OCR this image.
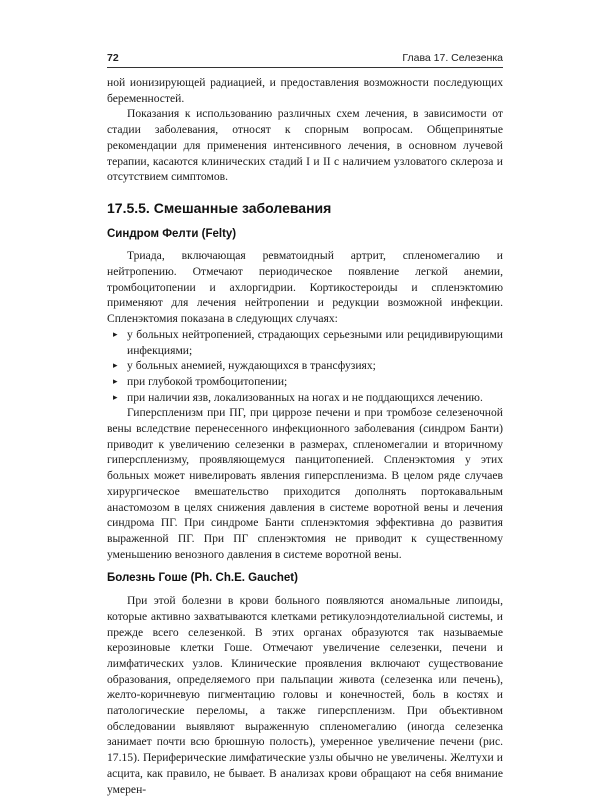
72	Глава 17. Селезенка

ной ионизирующей радиацией, и предоставления возможности последующих беременностей.

Показания к использованию различных схем лечения, в зависимости от стадии заболевания, относят к спорным вопросам. Общепринятые рекомендации для применения интенсивного лечения, в основном лучевой терапии, касаются клинических стадий I и II с наличием узловатого склероза и отсутствием симптомов.

17.5.5. Смешанные заболевания
Синдром Фелти (Felty)

Триада, включающая ревматоидный артрит, спленомегалию и нейтропению. Отмечают периодическое появление легкой анемии, тромбоцитопении и ахлоргидрии. Кортикостероиды и спленэктомию применяют для лечения нейтропении и редукции возможной инфекции. Спленэктомия показана в следующих случаях:

▸ у больных нейтропенией, страдающих серьезными или рецидивирующими инфекциями;
▸ у больных анемией, нуждающихся в трансфузиях;
▸ при глубокой тромбоцитопении;
▸ при наличии язв, локализованных на ногах и не поддающихся лечению.

Гиперспленизм при ПГ, при циррозе печени и при тромбозе селезеночной вены вследствие перенесенного инфекционного заболевания (синдром Банти) приводит к увеличению селезенки в размерах, спленомегалии и вторичному гиперспленизму, проявляющемуся панцитопенией. Спленэктомия у этих больных может нивелировать явления гиперспленизма. В целом ряде случаев хирургическое вмешательство приходится дополнять портокавальным анастомозом в целях снижения давления в системе воротной вены и лечения синдрома ПГ. При синдроме Банти спленэктомия эффективна до развития выраженной ПГ. При ПГ спленэктомия не приводит к существенному уменьшению венозного давления в системе воротной вены.

Болезнь Гоше (Ph. Ch.E. Gauchet)

При этой болезни в крови больного появляются аномальные липоиды, которые активно захватываются клетками ретикулоэндотелиальной системы, и прежде всего селезенкой. В этих органах образуются так называемые керозиновые клетки Гоше. Отмечают увеличение селезенки, печени и лимфатических узлов. Клинические проявления включают существование образования, определяемого при пальпации живота (селезенка или печень), желто-коричневую пигментацию головы и конечностей, боль в костях и патологические переломы, а также гиперспленизм. При объективном обследовании выявляют выраженную спленомегалию (иногда селезенка занимает почти всю брюшную полость), умеренное увеличение печени (рис. 17.15). Периферические лимфатические узлы обычно не увеличены. Желтухи и асцита, как правило, не бывает. В анализах крови обращают на себя внимание умерен-
